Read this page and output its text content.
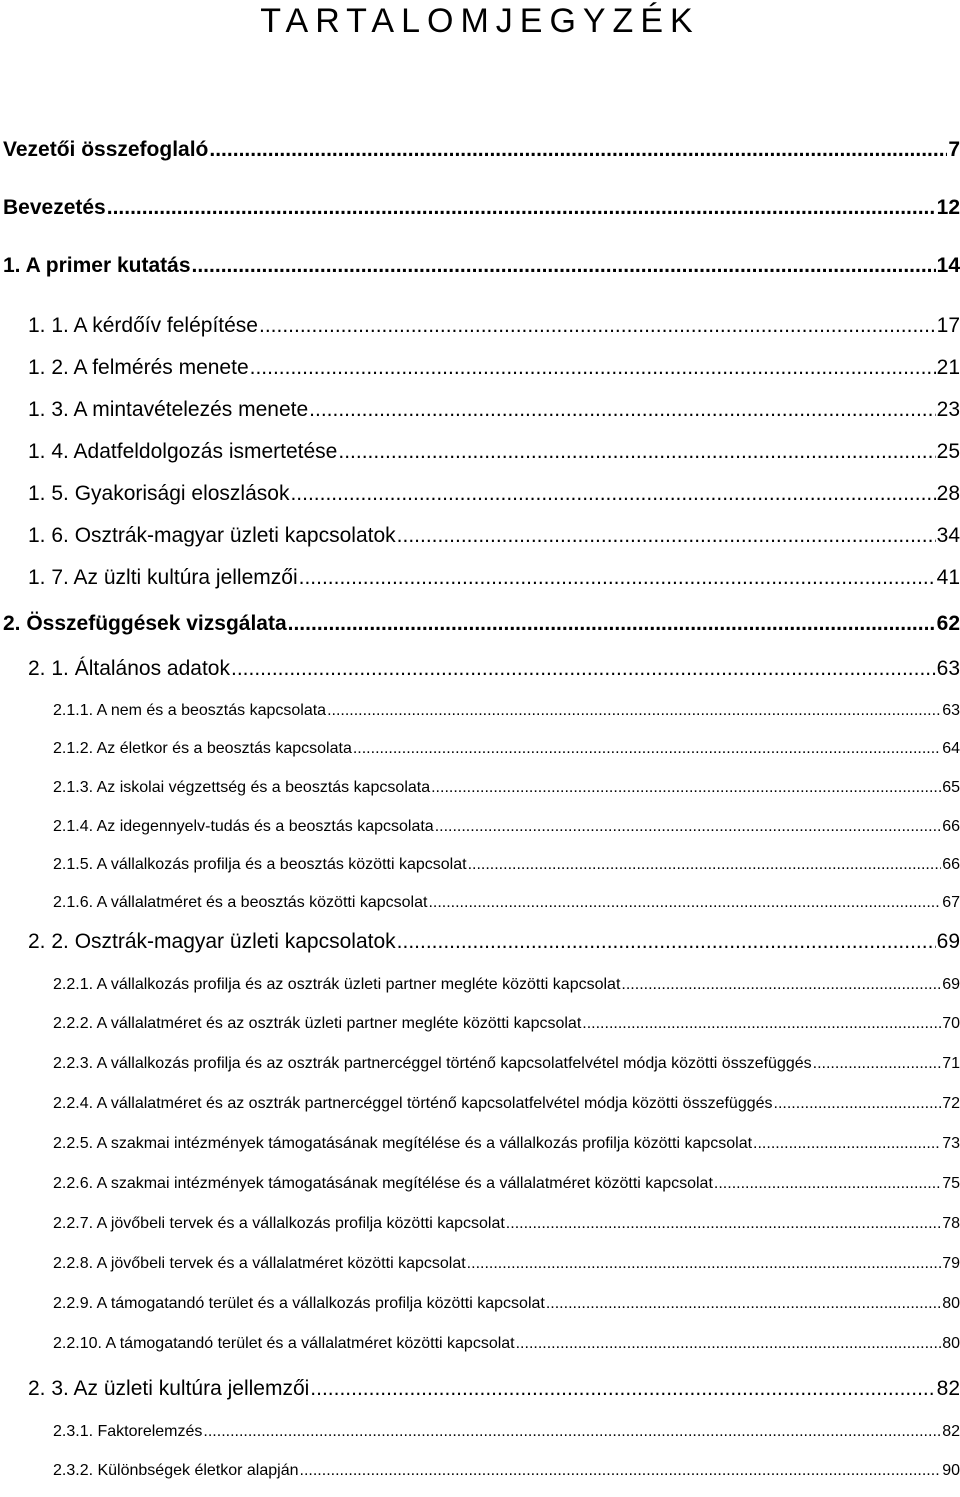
TARTALOMJEGYZÉK
Vezetői összefoglaló .....	7
Bevezetés .....	12
1. A primer kutatás .....	14
1. 1. A kérdőív felépítése .....	17
1. 2. A felmérés menete .....	21
1. 3. A mintavételezés menete .....	23
1. 4. Adatfeldolgozás ismertetése .....	25
1. 5. Gyakorisági eloszlások .....	28
1. 6. Osztrák-magyar üzleti kapcsolatok .....	34
1. 7. Az üzlti kultúra jellemzői .....	41
2. Összefüggések vizsgálata .....	62
2. 1. Általános adatok .....	63
2.1.1. A nem és a beosztás kapcsolata .....	63
2.1.2. Az életkor és a beosztás kapcsolata .....	64
2.1.3. Az iskolai végzettség és a beosztás kapcsolata .....	65
2.1.4. Az idegennyelv-tudás és a beosztás kapcsolata .....	66
2.1.5. A vállalkozás profilja és a beosztás közötti kapcsolat .....	66
2.1.6. A vállalatméret és a beosztás közötti kapcsolat .....	67
2. 2. Osztrák-magyar üzleti kapcsolatok .....	69
2.2.1. A vállalkozás profilja és az osztrák üzleti partner megléte közötti kapcsolat .....	69
2.2.2. A vállalatméret és az osztrák üzleti partner megléte közötti kapcsolat .....	70
2.2.3. A vállalkozás profilja és az osztrák partnercéggel történő kapcsolatfelvétel módja közötti összefüggés .....	71
2.2.4. A vállalatméret és az osztrák partnercéggel történő kapcsolatfelvétel módja közötti összefüggés .....	72
2.2.5. A szakmai intézmények támogatásának megítélése és a vállalkozás profilja közötti kapcsolat .....	73
2.2.6. A szakmai intézmények támogatásának megítélése és a vállalatméret közötti kapcsolat .....	75
2.2.7. A jövőbeli tervek és a vállalkozás profilja közötti kapcsolat .....	78
2.2.8. A jövőbeli tervek és a vállalatméret közötti kapcsolat .....	79
2.2.9. A támogatandó terület és a vállalkozás profilja közötti kapcsolat .....	80
2.2.10. A támogatandó terület és a vállalatméret közötti kapcsolat .....	80
2. 3. Az üzleti kultúra jellemzői .....	82
2.3.1. Faktorelemzés .....	82
2.3.2. Különbségek életkor alapján .....	90
